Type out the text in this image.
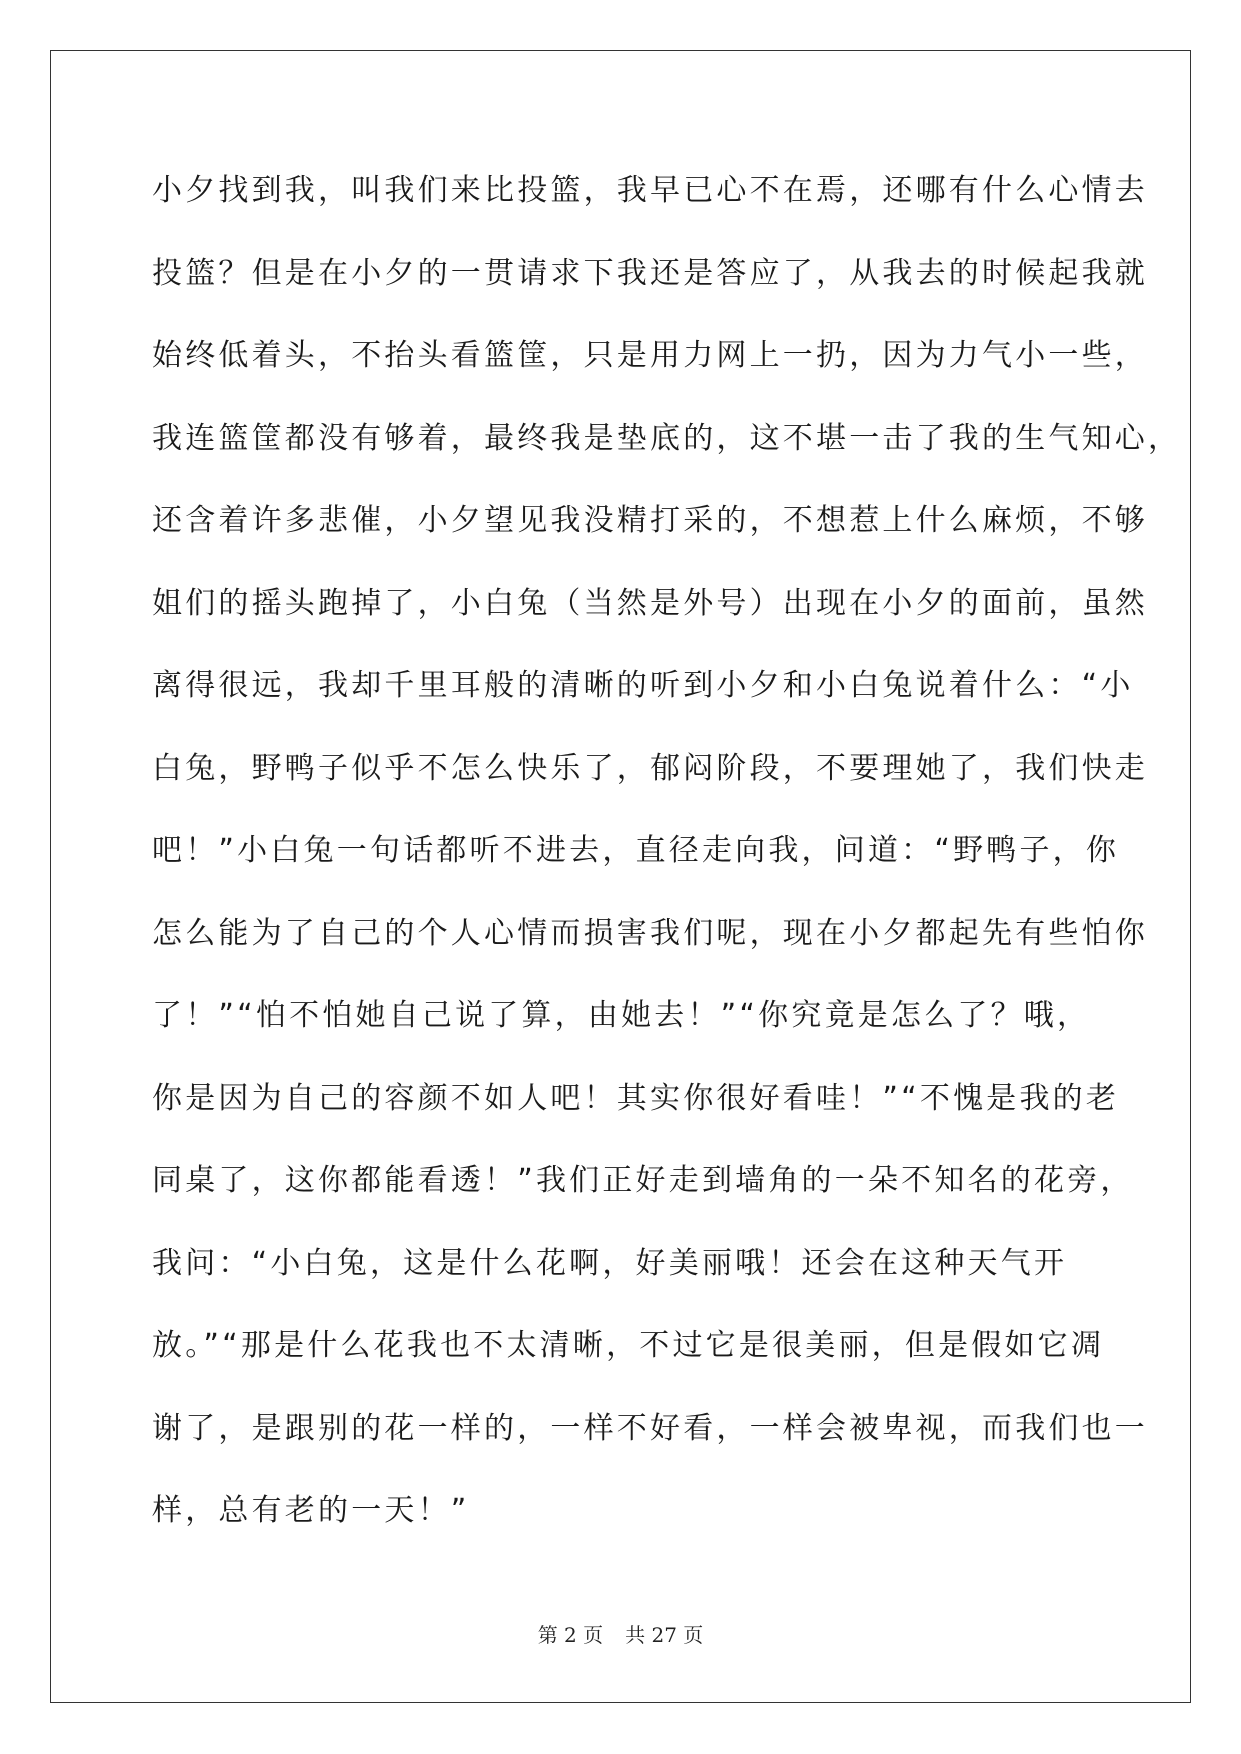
小夕找到我，叫我们来比投篮，我早已心不在焉，还哪有什么心情去
投篮？但是在小夕的一贯请求下我还是答应了，从我去的时候起我就
始终低着头，不抬头看篮筐，只是用力网上一扔，因为力气小一些，
我连篮筐都没有够着，最终我是垫底的，这不堪一击了我的生气知心，
还含着许多悲催，小夕望见我没精打采的，不想惹上什么麻烦，不够
姐们的摇头跑掉了，小白兔（当然是外号）出现在小夕的面前，虽然
离得很远，我却千里耳般的清晰的听到小夕和小白兔说着什么：“小
白兔，野鸭子似乎不怎么快乐了，郁闷阶段，不要理她了，我们快走
吧！”小白兔一句话都听不进去，直径走向我，问道：“野鸭子，你
怎么能为了自己的个人心情而损害我们呢，现在小夕都起先有些怕你
了！”“怕不怕她自己说了算，由她去！”“你究竟是怎么了？哦，
你是因为自己的容颜不如人吧！其实你很好看哇！”“不愧是我的老
同桌了，这你都能看透！”我们正好走到墙角的一朵不知名的花旁，
我问：“小白兔，这是什么花啊，好美丽哦！还会在这种天气开
放。”“那是什么花我也不太清晰，不过它是很美丽，但是假如它凋
谢了，是跟别的花一样的，一样不好看，一样会被卑视，而我们也一
样，总有老的一天！”
第 2 页 共 27 页
